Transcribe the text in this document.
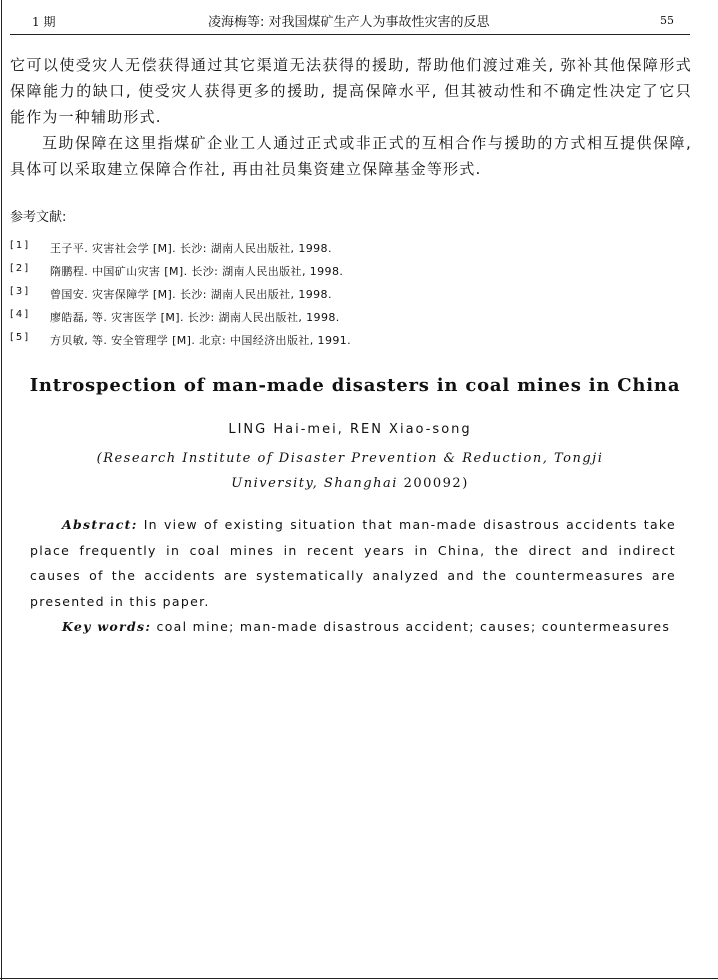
1 期	凌海梅等: 对我国煤矿生产人为事故性灾害的反思	55

它可以使受灾人无偿获得通过其它渠道无法获得的援助, 帮助他们渡过难关, 弥补其他保障形式保障能力的缺口, 使受灾人获得更多的援助, 提高保障水平, 但其被动性和不确定性决定了它只能作为一种辅助形式.

互助保障在这里指煤矿企业工人通过正式或非正式的互相合作与援助的方式相互提供保障, 具体可以采取建立保障合作社, 再由社员集资建立保障基金等形式.

参考文献:
[1]	王子平. 灾害社会学 [M]. 长沙: 湖南人民出版社, 1998.
[2]	隋鹏程. 中国矿山灾害 [M]. 长沙: 湖南人民出版社, 1998.
[3]	曾国安. 灾害保障学 [M]. 长沙: 湖南人民出版社, 1998.
[4]	廖皓磊, 等. 灾害医学 [M]. 长沙: 湖南人民出版社, 1998.
[5]	方贝敏, 等. 安全管理学 [M]. 北京: 中国经济出版社, 1991.
Introspection of man-made disasters in coal mines in China
LING Hai-mei, REN Xiao-song
(Research Institute of Disaster Prevention & Reduction, Tongji
University, Shanghai 200092)

Abstract: In view of existing situation that man-made disastrous accidents take place frequently in coal mines in recent years in China, the direct and indirect causes of the accidents are systematically analyzed and the countermeasures are presented in this paper.

Key words: coal mine; man-made disastrous accident; causes; countermeasures
